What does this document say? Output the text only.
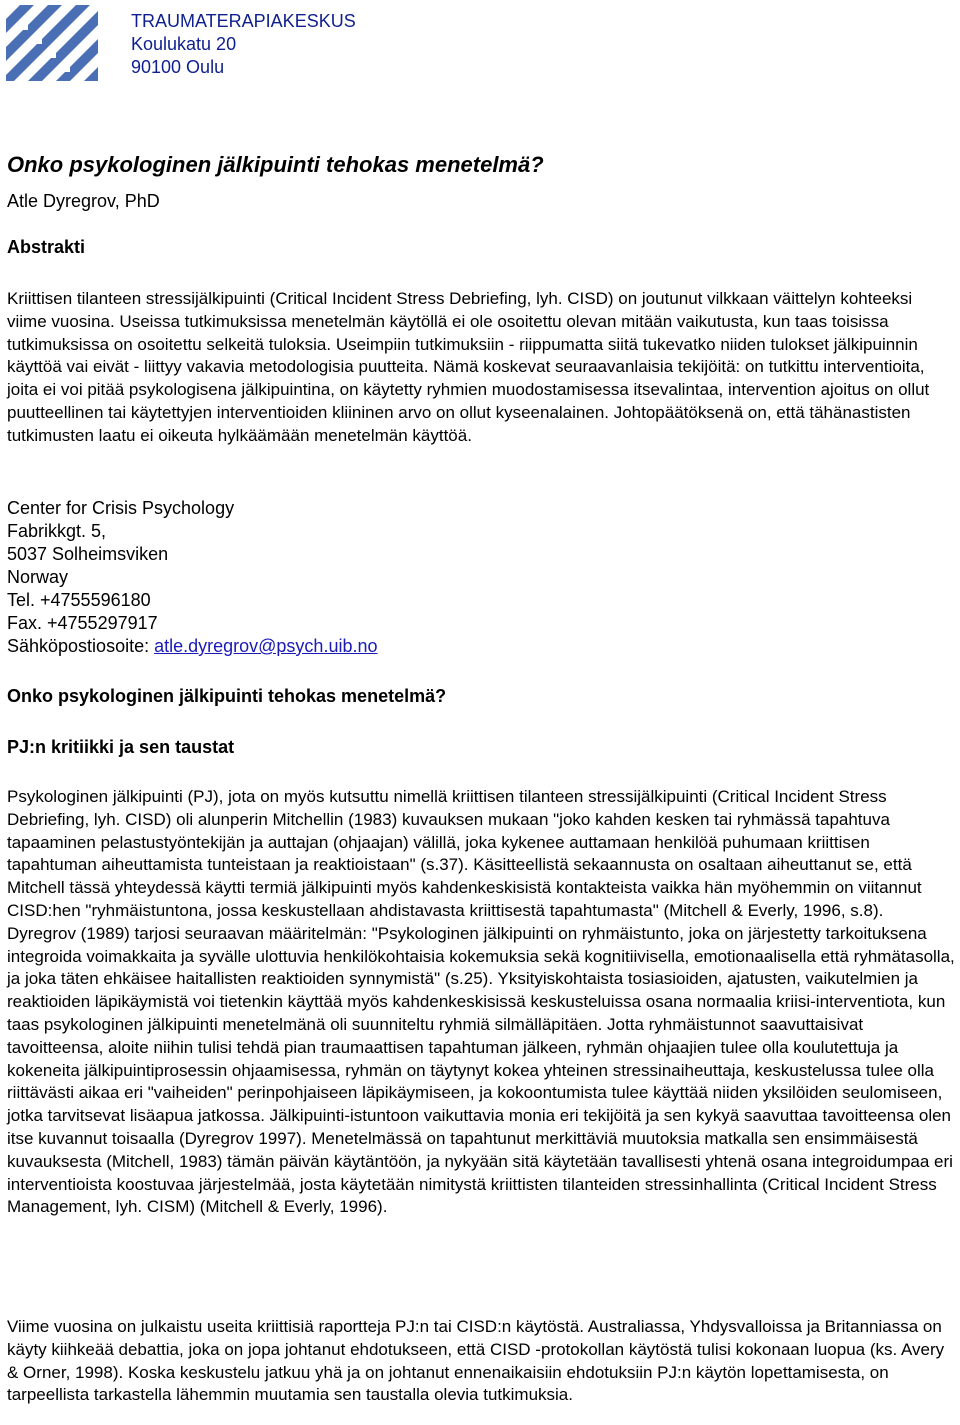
TRAUMATERAPIAKESKUS
Koulukatu 20
90100 Oulu
Onko psykologinen jälkipuinti tehokas menetelmä?

Atle Dyregrov, PhD

Abstrakti

Kriittisen tilanteen stressijälkipuinti (Critical Incident Stress Debriefing, lyh. CISD) on joutunut vilkkaan väittelyn kohteeksi viime vuosina. Useissa tutkimuksissa menetelmän käytöllä ei ole osoitettu olevan mitään vaikutusta, kun taas toisissa tutkimuksissa on osoitettu selkeitä tuloksia. Useimpiin tutkimuksiin - riippumatta siitä tukevatko niiden tulokset jälkipuinnin käyttöä vai eivät - liittyy vakavia metodologisia puutteita. Nämä koskevat seuraavanlaisia tekijöitä: on tutkittu interventioita, joita ei voi pitää psykologisena jälkipuintina, on käytetty ryhmien muodostamisessa itsevalintaa, intervention ajoitus on ollut puutteellinen tai käytettyjen interventioiden kliininen arvo on ollut kyseenalainen. Johtopäätöksenä on, että tähänastisten tutkimusten laatu ei oikeuta hylkäämään menetelmän käyttöä.

Center for Crisis Psychology
Fabrikkgt. 5,
5037 Solheimsviken
Norway
Tel. +4755596180
Fax. +4755297917
Sähköpostiosoite: atle.dyregrov@psych.uib.no

Onko psykologinen jälkipuinti tehokas menetelmä?

PJ:n kritiikki ja sen taustat

Psykologinen jälkipuinti (PJ), jota on myös kutsuttu nimellä kriittisen tilanteen stressijälkipuinti (Critical Incident Stress Debriefing, lyh. CISD) oli alunperin Mitchellin (1983) kuvauksen mukaan "joko kahden kesken tai ryhmässä tapahtuva tapaaminen pelastustyöntekijän ja auttajan (ohjaajan) välillä, joka kykenee auttamaan henkilöä puhumaan kriittisen tapahtuman aiheuttamista tunteistaan ja reaktioistaan" (s.37). Käsitteellistä sekaannusta on osaltaan aiheuttanut se, että Mitchell tässä yhteydessä käytti termiä jälkipuinti myös kahdenkeskisistä kontakteista vaikka hän myöhemmin on viitannut CISD:hen "ryhmäistuntona, jossa keskustellaan ahdistavasta kriittisestä tapahtumasta" (Mitchell & Everly, 1996, s.8). Dyregrov (1989) tarjosi seuraavan määritelmän: "Psykologinen jälkipuinti on ryhmäistunto, joka on järjestetty tarkoituksena integroida voimakkaita ja syvälle ulottuvia henkilökohtaisia kokemuksia sekä kognitiivisella, emotionaalisella että ryhmätasolla, ja joka täten ehkäisee haitallisten reaktioiden synnymistä" (s.25). Yksityiskohtaista tosiasioiden, ajatusten, vaikutelmien ja reaktioiden läpikäymistä voi tietenkin käyttää myös kahdenkeskisissä keskusteluissa osana normaalia kriisi-interventiota, kun taas psykologinen jälkipuinti menetelmänä oli suunniteltu ryhmiä silmälläpitäen. Jotta ryhmäistunnot saavuttaisivat tavoitteensa, aloite niihin tulisi tehdä pian traumaattisen tapahtuman jälkeen, ryhmän ohjaajien tulee olla koulutettuja ja kokeneita jälkipuintiprosessin ohjaamisessa, ryhmän on täytynyt kokea yhteinen stressinaiheuttaja, keskustelussa tulee olla riittävästi aikaa eri "vaiheiden" perinpohjaiseen läpikäymiseen, ja kokoontumista tulee käyttää niiden yksilöiden seulomiseen, jotka tarvitsevat lisäapua jatkossa. Jälkipuinti-istuntoon vaikuttavia monia eri tekijöitä ja sen kykyä saavuttaa tavoitteensa olen itse kuvannut toisaalla (Dyregrov 1997). Menetelmässä on tapahtunut merkittäviä muutoksia matkalla sen ensimmäisestä kuvauksesta (Mitchell, 1983) tämän päivän käytäntöön, ja nykyään sitä käytetään tavallisesti yhtenä osana integroidumpaa eri interventioista koostuvaa järjestelmää, josta käytetään nimitystä kriittisten tilanteiden stressinhallinta (Critical Incident Stress Management, lyh. CISM) (Mitchell & Everly, 1996).

Viime vuosina on julkaistu useita kriittisiä raportteja PJ:n tai CISD:n käytöstä. Australiassa, Yhdysvalloissa ja Britanniassa on käyty kiihkeää debattia, joka on jopa johtanut ehdotukseen, että CISD -protokollan käytöstä tulisi kokonaan luopua (ks. Avery & Orner, 1998). Koska keskustelu jatkuu yhä ja on johtanut ennenaikaisiin ehdotuksiin PJ:n käytön lopettamisesta, on tarpeellista tarkastella lähemmin muutamia sen taustalla olevia tutkimuksia.
